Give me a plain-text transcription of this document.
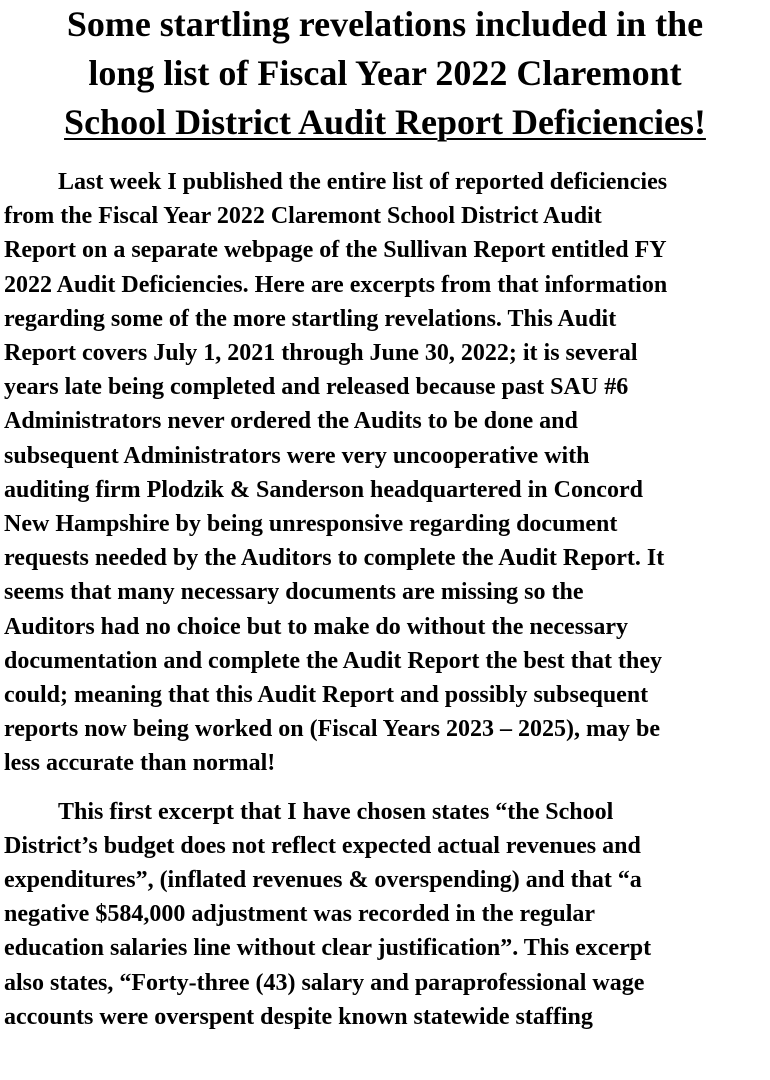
Some startling revelations included in the
long list of Fiscal Year 2022 Claremont
School District Audit Report Deficiencies!

Last week I published the entire list of reported deficiencies
from the Fiscal Year 2022 Claremont School District Audit
Report on a separate webpage of the Sullivan Report entitled FY
2022 Audit Deficiencies. Here are excerpts from that information
regarding some of the more startling revelations. This Audit
Report covers July 1, 2021 through June 30, 2022; it is several
years late being completed and released because past SAU #6
Administrators never ordered the Audits to be done and
subsequent Administrators were very uncooperative with
auditing firm Plodzik & Sanderson headquartered in Concord
New Hampshire by being unresponsive regarding document
requests needed by the Auditors to complete the Audit Report. It
seems that many necessary documents are missing so the
Auditors had no choice but to make do without the necessary
documentation and complete the Audit Report the best that they
could; meaning that this Audit Report and possibly subsequent
reports now being worked on (Fiscal Years 2023 – 2025), may be
less accurate than normal!

This first excerpt that I have chosen states “the School
District’s budget does not reflect expected actual revenues and
expenditures”, (inflated revenues & overspending) and that “a
negative $584,000 adjustment was recorded in the regular
education salaries line without clear justification”. This excerpt
also states, “Forty-three (43) salary and paraprofessional wage
accounts were overspent despite known statewide staffing
